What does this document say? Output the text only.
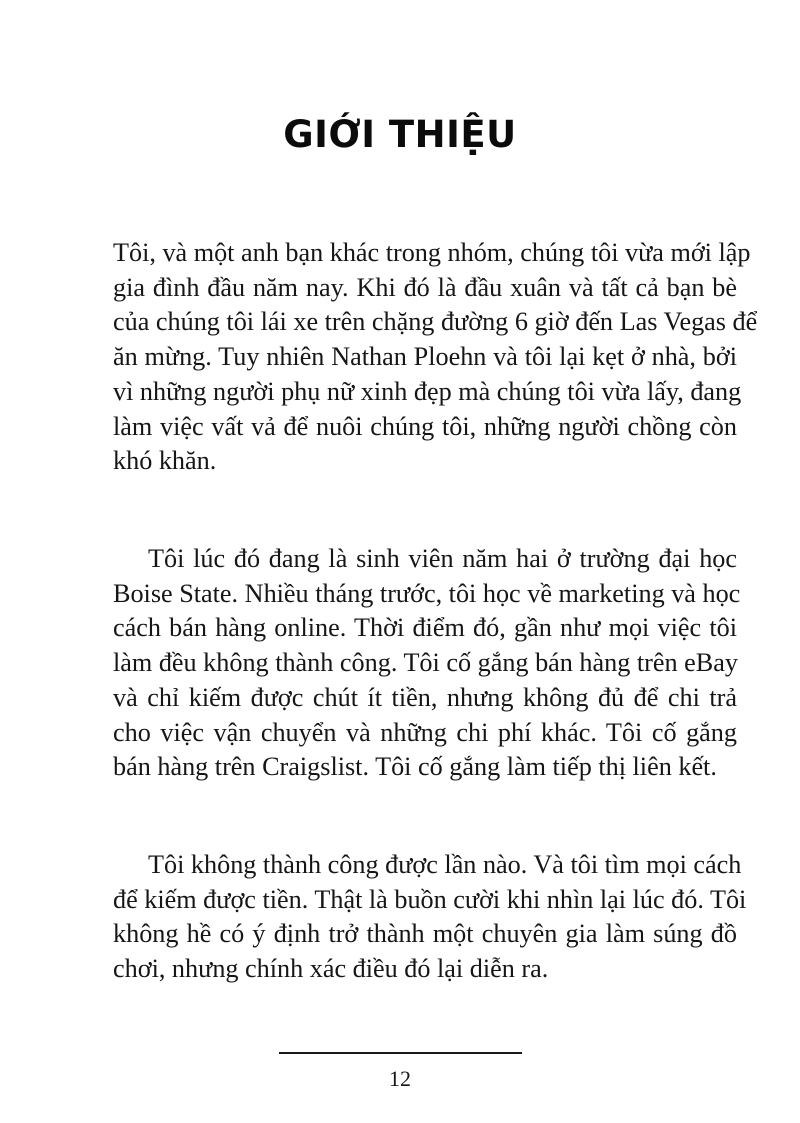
GIỚI THIỆU
Tôi, và một anh bạn khác trong nhóm, chúng tôi vừa mới lập
gia đình đầu năm nay. Khi đó là đầu xuân và tất cả bạn bè
của chúng tôi lái xe trên chặng đường 6 giờ đến Las Vegas để
ăn mừng. Tuy nhiên Nathan Ploehn và tôi lại kẹt ở nhà, bởi
vì những người phụ nữ xinh đẹp mà chúng tôi vừa lấy, đang
làm việc vất vả để nuôi chúng tôi, những người chồng còn
khó khăn.
Tôi lúc đó đang là sinh viên năm hai ở trường đại học
Boise State. Nhiều tháng trước, tôi học về marketing và học
cách bán hàng online. Thời điểm đó, gần như mọi việc tôi
làm đều không thành công. Tôi cố gắng bán hàng trên eBay
và chỉ kiếm được chút ít tiền, nhưng không đủ để chi trả
cho việc vận chuyển và những chi phí khác. Tôi cố gắng
bán hàng trên Craigslist. Tôi cố gắng làm tiếp thị liên kết.
Tôi không thành công được lần nào. Và tôi tìm mọi cách
để kiếm được tiền. Thật là buồn cười khi nhìn lại lúc đó. Tôi
không hề có ý định trở thành một chuyên gia làm súng đồ
chơi, nhưng chính xác điều đó lại diễn ra.
12
